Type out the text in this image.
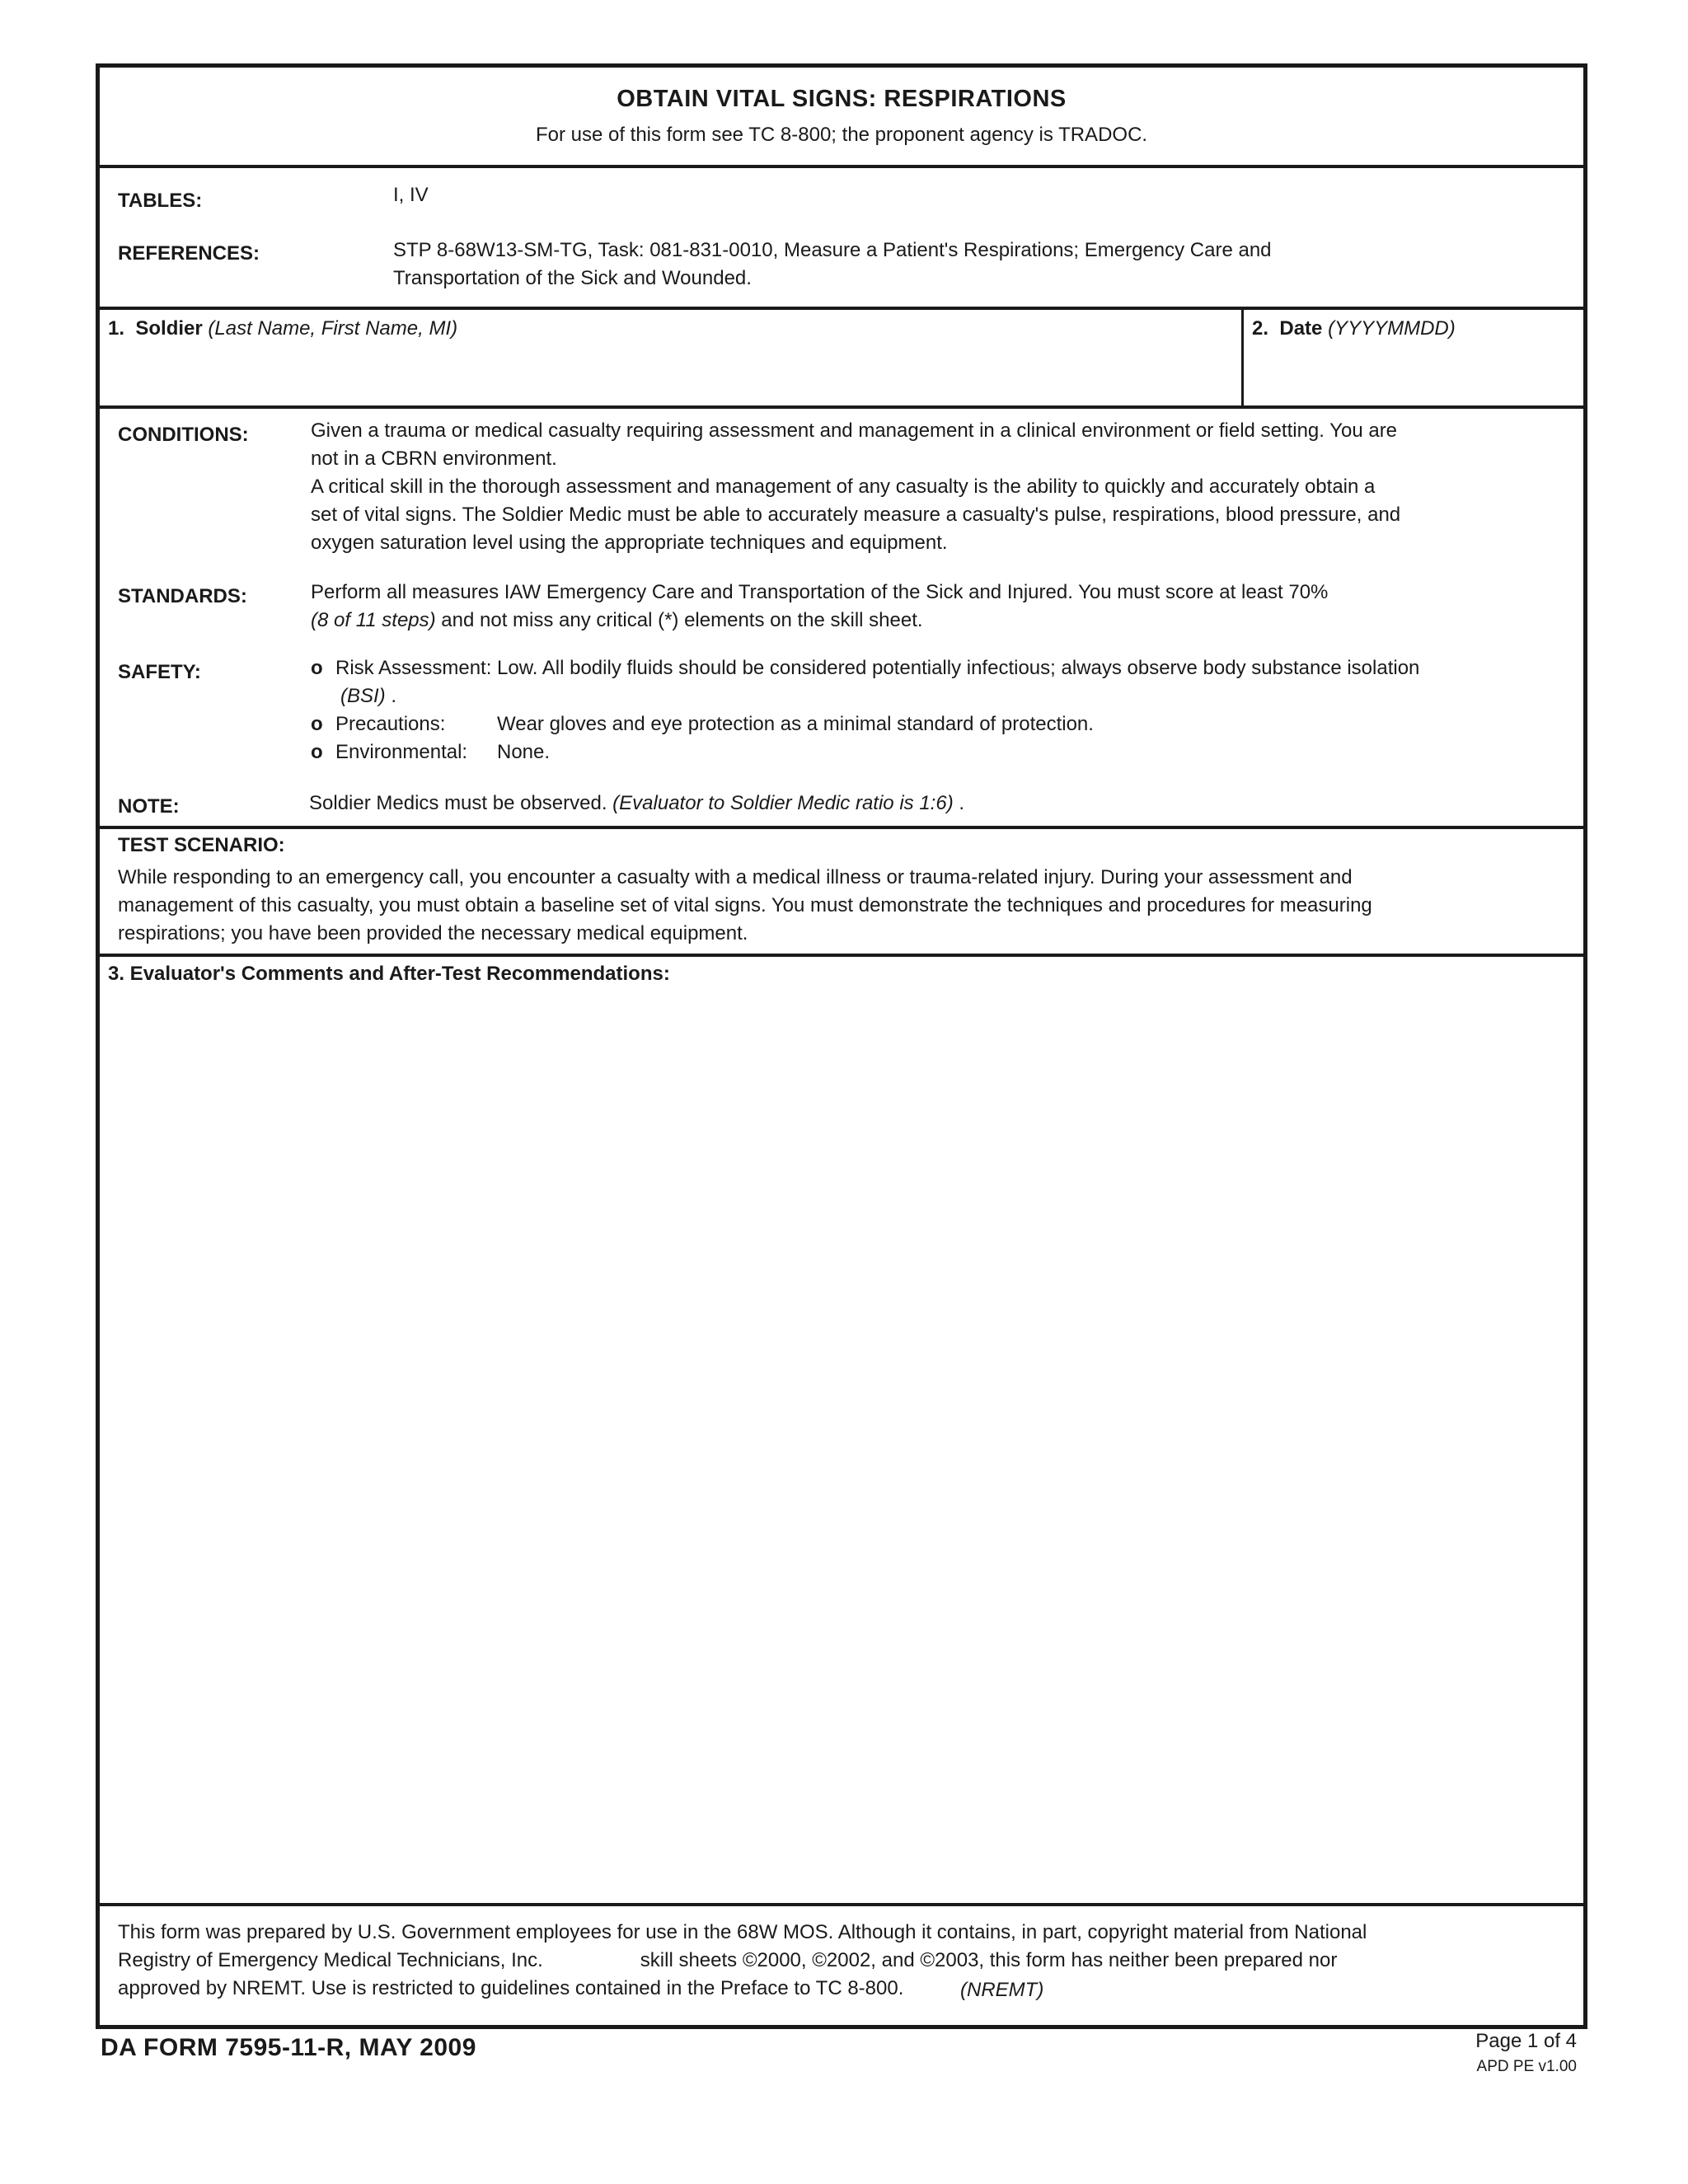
OBTAIN VITAL SIGNS: RESPIRATIONS
For use of this form see TC 8-800; the proponent agency is TRADOC.
TABLES:	I, IV
REFERENCES:	STP 8-68W13-SM-TG, Task: 081-831-0010, Measure a Patient's Respirations; Emergency Care and
Transportation of the Sick and Wounded.
1. Soldier (Last Name, First Name, MI)	2. Date (YYYYMMDD)
CONDITIONS:	Given a trauma or medical casualty requiring assessment and management in a clinical environment or field setting. You are
not in a CBRN environment.
A critical skill in the thorough assessment and management of any casualty is the ability to quickly and accurately obtain a
set of vital signs. The Soldier Medic must be able to accurately measure a casualty's pulse, respirations, blood pressure, and
oxygen saturation level using the appropriate techniques and equipment.
STANDARDS:	Perform all measures IAW Emergency Care and Transportation of the Sick and Injured. You must score at least 70%
(8 of 11 steps) and not miss any critical (*) elements on the skill sheet.
SAFETY:	o Risk Assessment: Low. All bodily fluids should be considered potentially infectious; always observe body substance isolation
(BSI) .
o Precautions:	Wear gloves and eye protection as a minimal standard of protection.
o Environmental: None.
NOTE:	Soldier Medics must be observed. (Evaluator to Soldier Medic ratio is 1:6) .
TEST SCENARIO:
While responding to an emergency call, you encounter a casualty with a medical illness or trauma-related injury. During your assessment and
management of this casualty, you must obtain a baseline set of vital signs. You must demonstrate the techniques and procedures for measuring
respirations; you have been provided the necessary medical equipment.
3. Evaluator's Comments and After-Test Recommendations:
This form was prepared by U.S. Government employees for use in the 68W MOS. Although it contains, in part, copyright material from National
Registry of Emergency Medical Technicians, Inc.	skill sheets ©2000, ©2002, and ©2003, this form has neither been prepared nor
approved by NREMT. Use is restricted to guidelines contained in the Preface to TC 8-800.	(NREMT)
DA FORM 7595-11-R, MAY 2009	Page 1 of 4
APD PE v1.00
